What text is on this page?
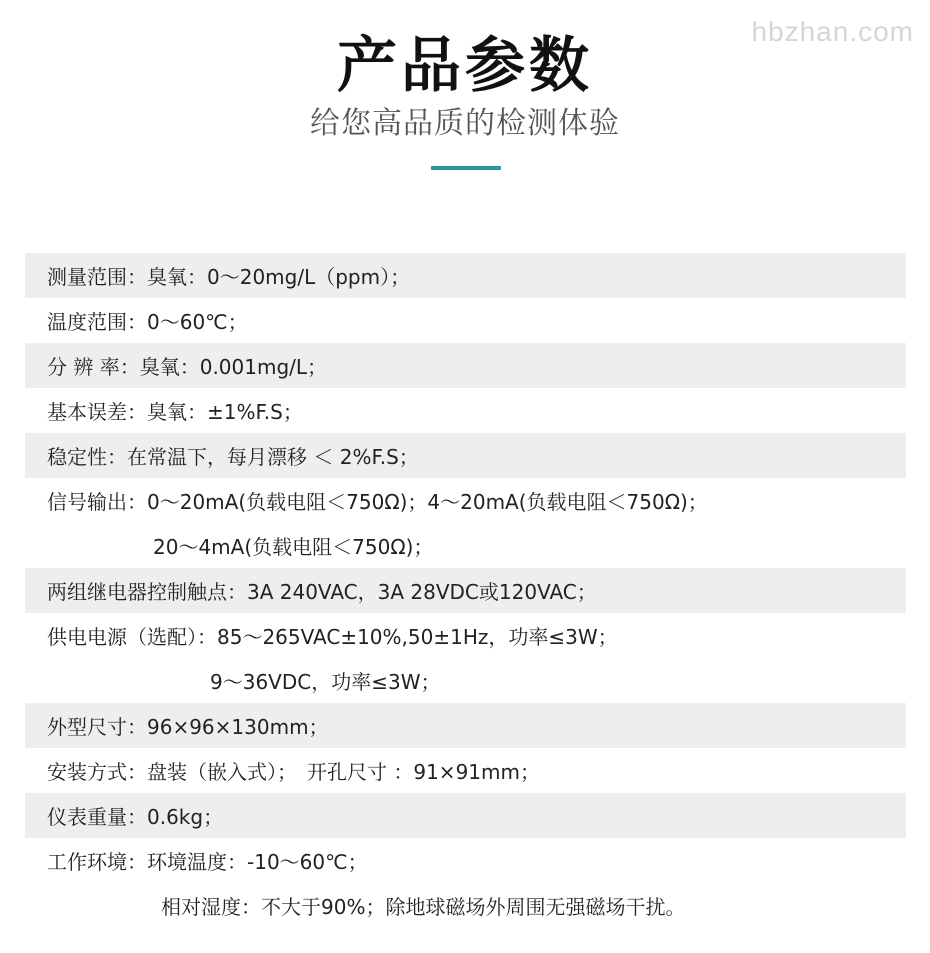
hbzhan.com
产品参数
给您高品质的检测体验
测量范围：臭氧：0～20mg/L（ppm）；
温度范围：0～60℃；
分 辨 率：臭氧：0.001mg/L；
基本误差：臭氧：±1%F.S；
稳定性：在常温下，每月漂移 ＜ 2%F.S；
信号输出：0～20mA(负载电阻＜750Ω)；4～20mA(负载电阻＜750Ω)；
20～4mA(负载电阻＜750Ω)；
两组继电器控制触点：3A 240VAC，3A 28VDC或120VAC；
供电电源（选配）：85～265VAC±10%,50±1Hz，功率≤3W；
9～36VDC，功率≤3W；
外型尺寸：96×96×130mm；
安装方式：盘装（嵌入式）；　开孔尺寸 ：91×91mm；
仪表重量：0.6kg；
工作环境：环境温度：-10～60℃；
相对湿度：不大于90%；除地球磁场外周围无强磁场干扰。
